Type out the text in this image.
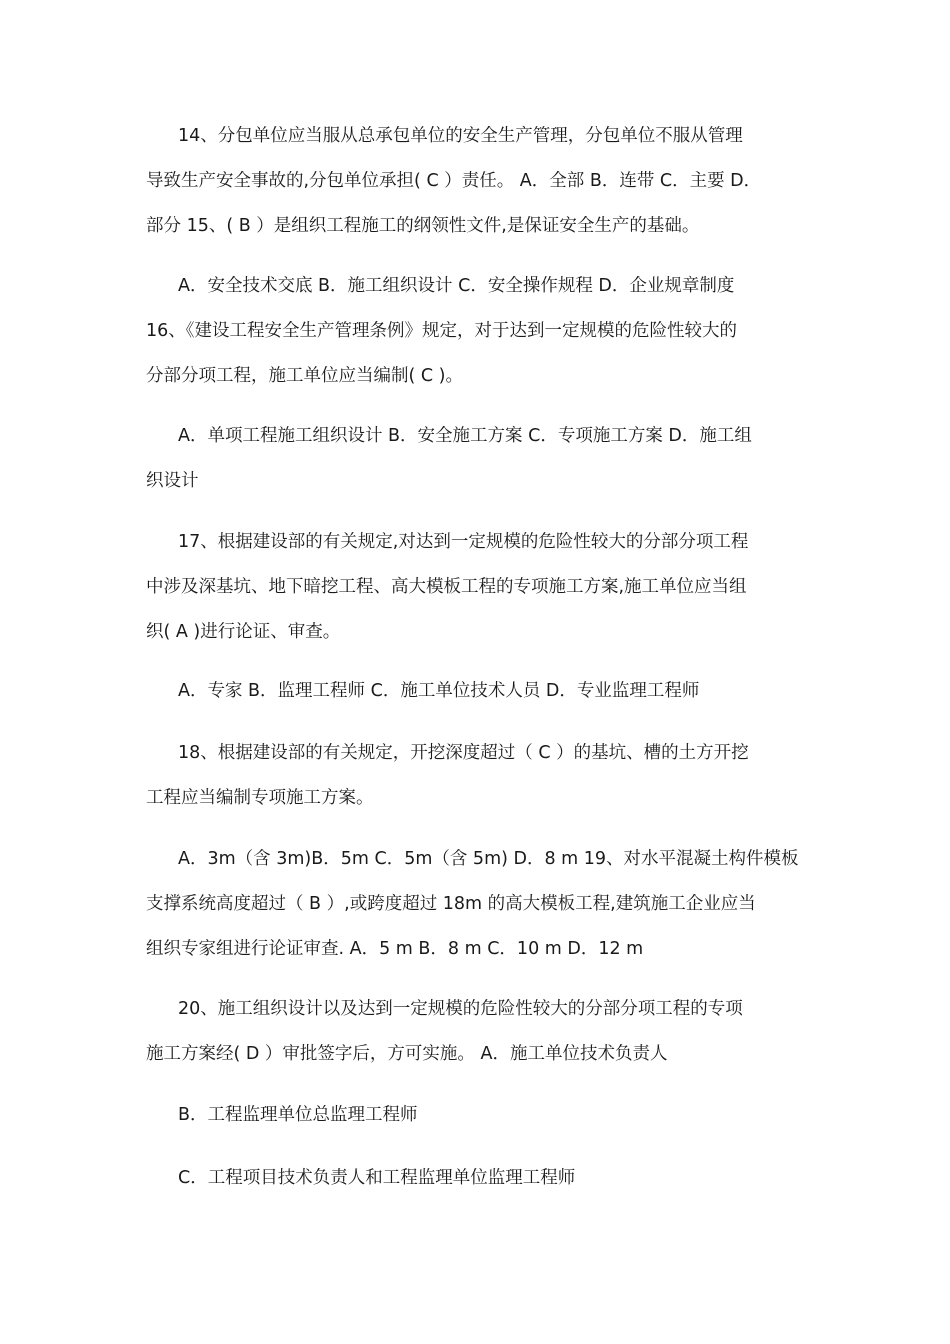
14、分包单位应当服从总承包单位的安全生产管理，分包单位不服从管理
导致生产安全事故的,分包单位承担( C ）责任。 A．全部 B．连带 C．主要 D．
部分 15、( B ）是组织工程施工的纲领性文件,是保证安全生产的基础。
A．安全技术交底 B．施工组织设计 C．安全操作规程 D．企业规章制度
16、《建设工程安全生产管理条例》规定，对于达到一定规模的危险性较大的
分部分项工程，施工单位应当编制( C )。
A．单项工程施工组织设计 B．安全施工方案 C．专项施工方案 D．施工组
织设计
17、根据建设部的有关规定,对达到一定规模的危险性较大的分部分项工程
中涉及深基坑、地下暗挖工程、高大模板工程的专项施工方案,施工单位应当组
织( A )进行论证、审查。
A．专家 B．监理工程师 C．施工单位技术人员 D．专业监理工程师
18、根据建设部的有关规定，开挖深度超过（ C ）的基坑、槽的土方开挖
工程应当编制专项施工方案。
A．3m（含 3m)B．5m C．5m（含 5m) D．8 m 19、对水平混凝土构件模板
支撑系统高度超过（ B ）,或跨度超过 18m 的高大模板工程,建筑施工企业应当
组织专家组进行论证审查. A．5 m B．8 m C．10 m D．12 m
20、施工组织设计以及达到一定规模的危险性较大的分部分项工程的专项
施工方案经( D ）审批签字后，方可实施。 A．施工单位技术负责人
B．工程监理单位总监理工程师
C．工程项目技术负责人和工程监理单位监理工程师
